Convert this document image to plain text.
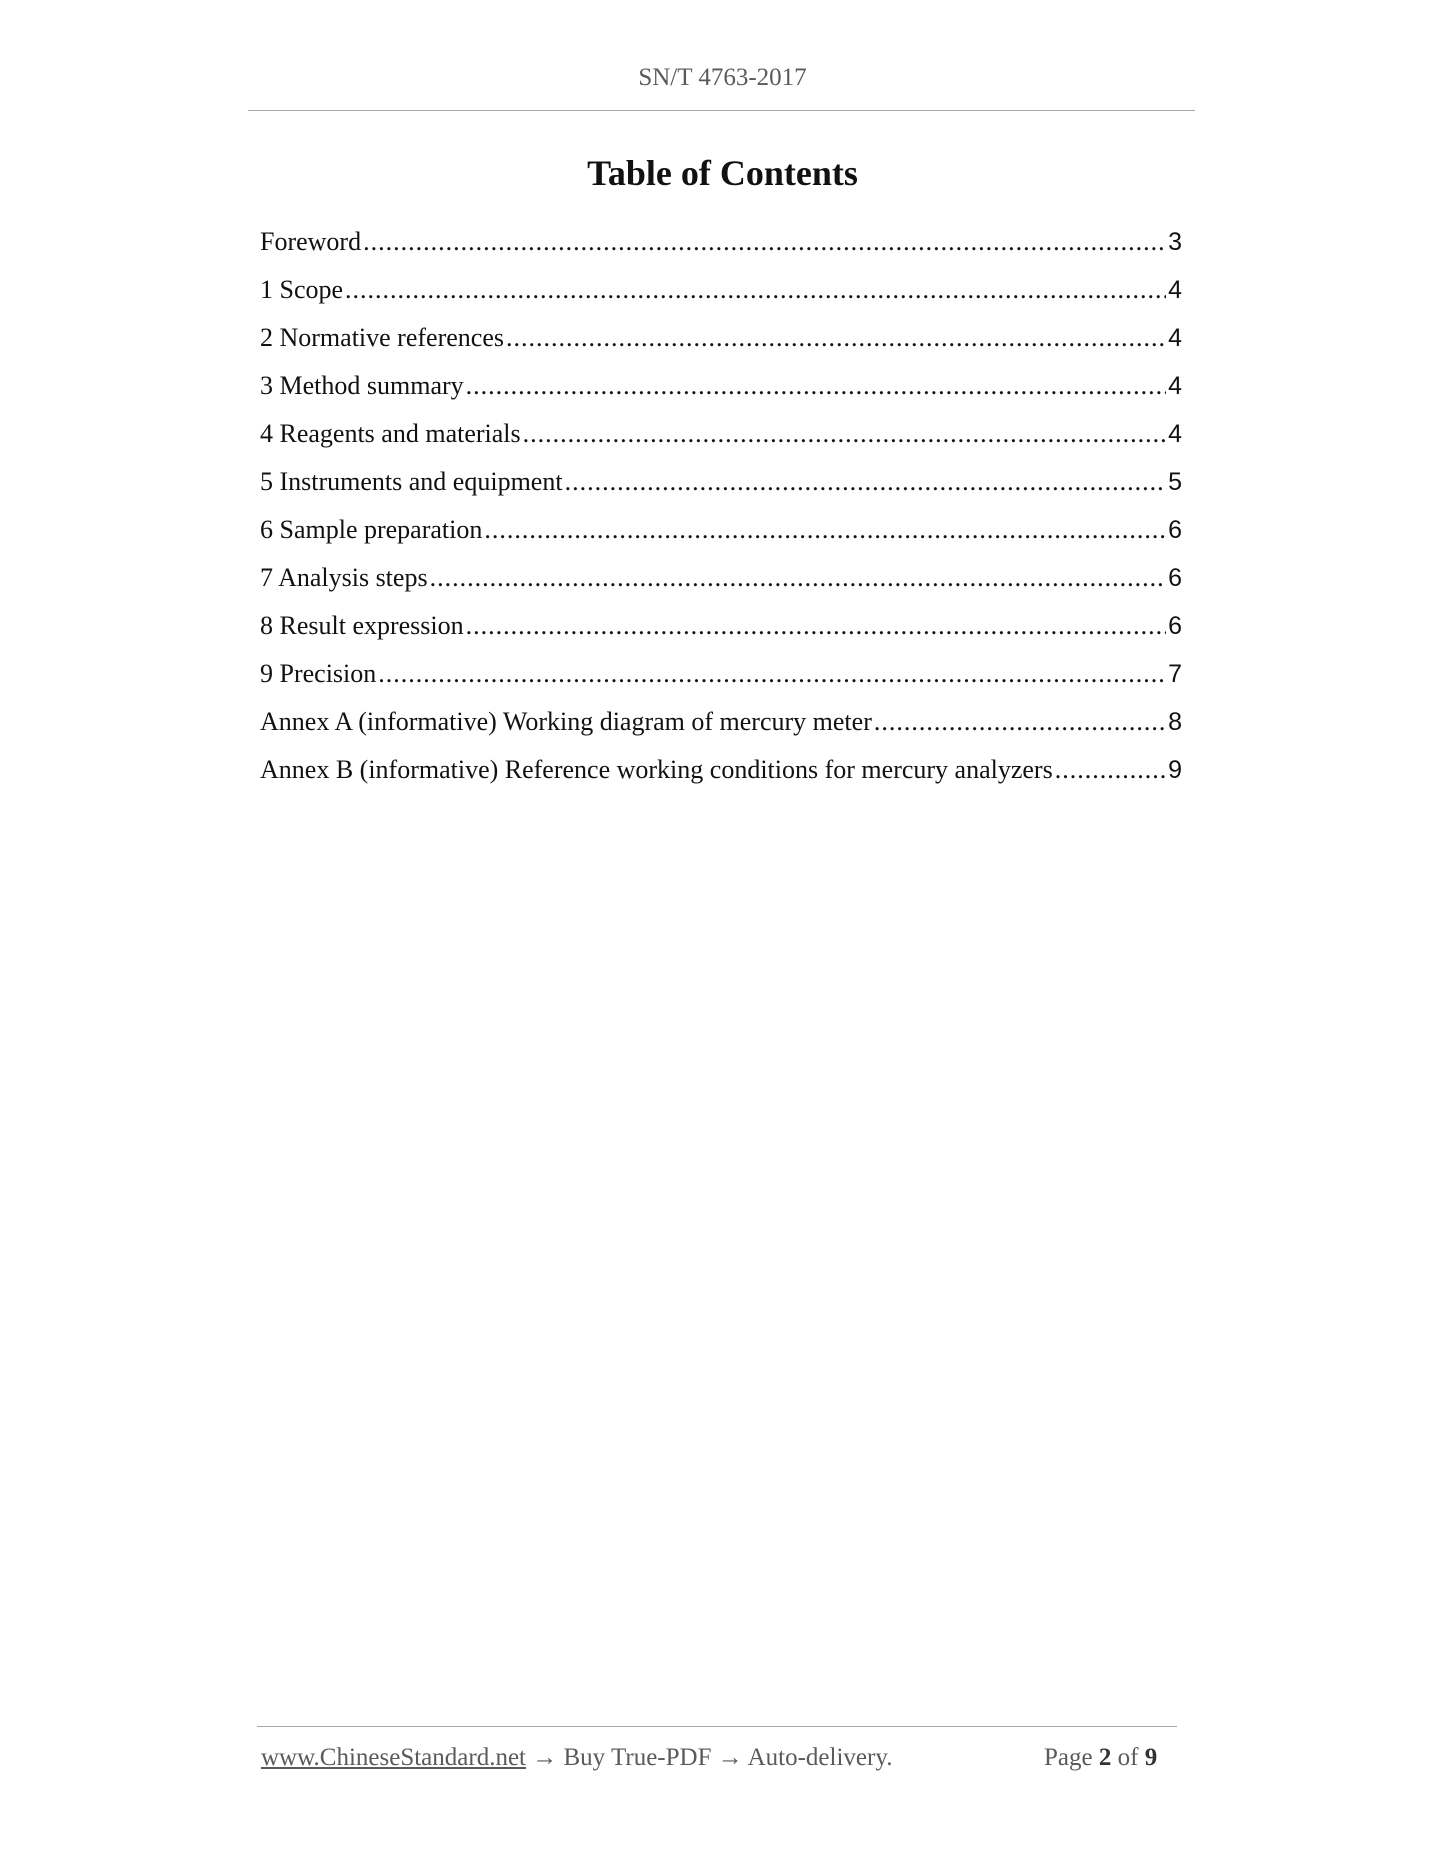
SN/T 4763-2017
Table of Contents
Foreword .....	3
1 Scope .....	4
2 Normative references .....	4
3 Method summary .....	4
4 Reagents and materials .....	4
5 Instruments and equipment .....	5
6 Sample preparation .....	6
7 Analysis steps .....	6
8 Result expression .....	6
9 Precision .....	7
Annex A (informative) Working diagram of mercury meter .....	8
Annex B (informative) Reference working conditions for mercury analyzers .....	9
www.ChineseStandard.net → Buy True-PDF → Auto-delivery.	Page 2 of 9
